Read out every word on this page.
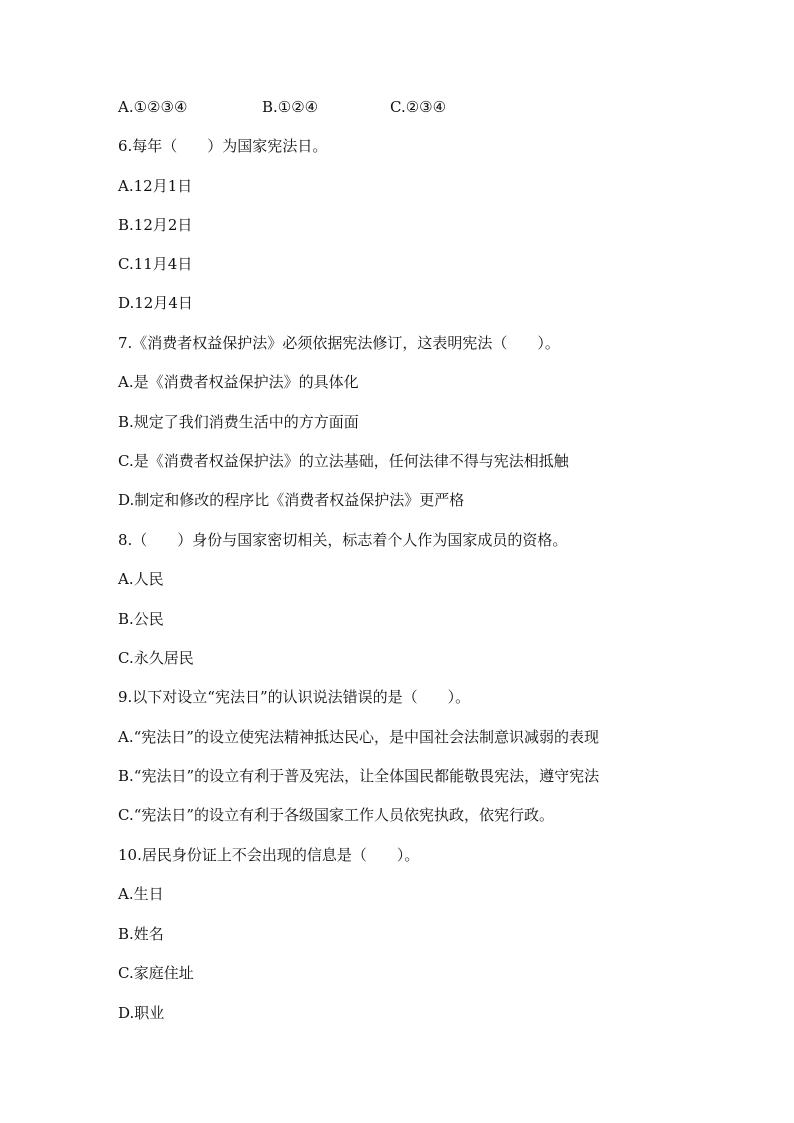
A.①②③④	B.①②④	C.②③④
6.每年（　　）为国家宪法日。
A.12月1日
B.12月2日
C.11月4日
D.12月4日
7.《消费者权益保护法》必须依据宪法修订，这表明宪法（　　）。
A.是《消费者权益保护法》的具体化
B.规定了我们消费生活中的方方面面
C.是《消费者权益保护法》的立法基础，任何法律不得与宪法相抵触
D.制定和修改的程序比《消费者权益保护法》更严格
8.（　　）身份与国家密切相关，标志着个人作为国家成员的资格。
A.人民
B.公民
C.永久居民
9.以下对设立“宪法日”的认识说法错误的是（　　）。
A.“宪法日”的设立使宪法精神抵达民心，是中国社会法制意识减弱的表现
B.“宪法日”的设立有利于普及宪法，让全体国民都能敬畏宪法，遵守宪法
C.“宪法日”的设立有利于各级国家工作人员依宪执政，依宪行政。
10.居民身份证上不会出现的信息是（　　）。
A.生日
B.姓名
C.家庭住址
D.职业
